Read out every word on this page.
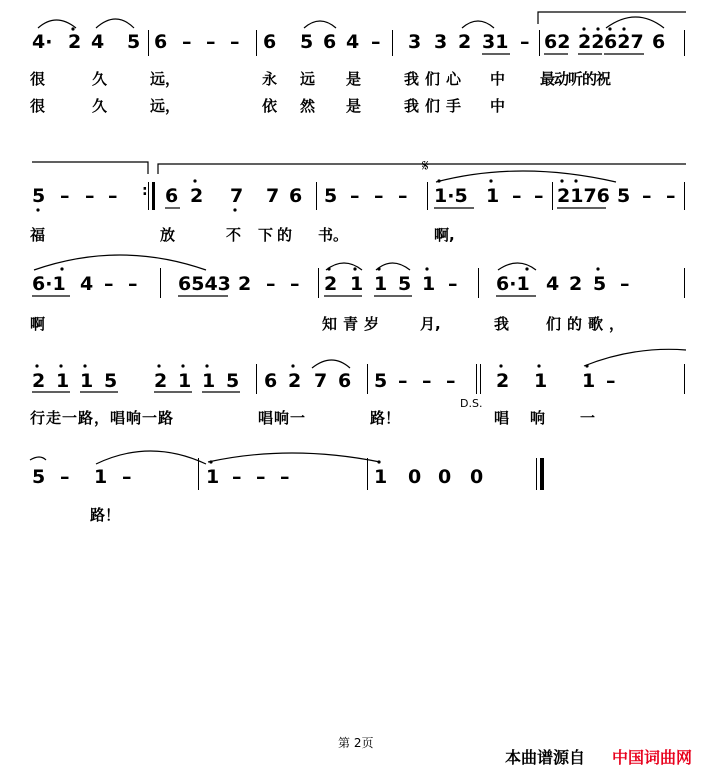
4· 2 4 5 6 – – – 6 5 6 4 – 3 3 2 31 – 62 22 627 6
很	久	远，	永 远 是	我们心 中 最动听的祝
很	久	远，	依 然 是	我们手 中
5 – – – : 6 2 7 7 6 5 – – – 1·5 1 – – 2176 5 – –
福	放	不 下的 书。	啊,
6·1 4 – – 6543 2 – – 2 1 1 5 1 – 6·1 4 2 5 –
啊	知青岁 月,	我 们的歌，
2 1 1 5 2 1 1 5 6 2 7 6 5 – – – 2 1 1 –
D.S.
行走一路，唱响一路	唱响一	路！	唱 响 一
5 – 1 –	1 – – –	1 0 0 0
路！
𝄋
第 2页
本曲谱源自 中国词曲网
